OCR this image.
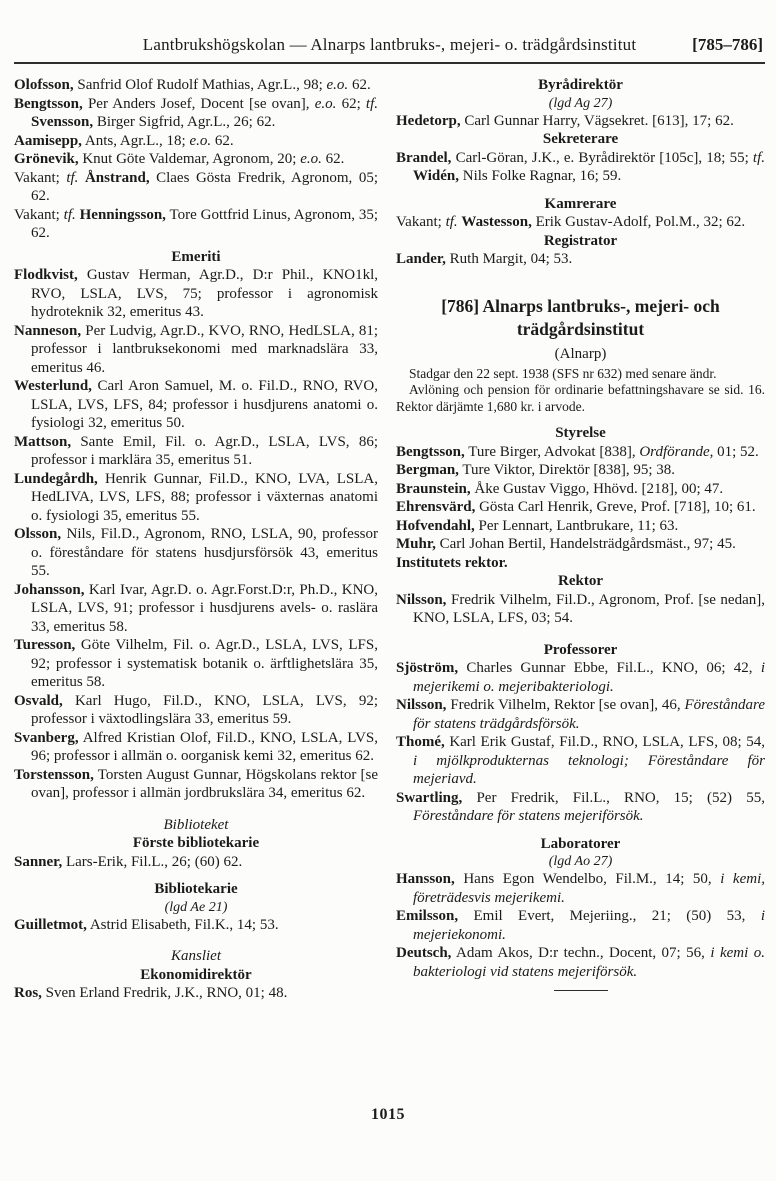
Lantbrukshögskolan — Alnarps lantbruks-, mejeri- o. trädgårdsinstitut	[785–786]

Olofsson, Sanfrid Olof Rudolf Mathias, Agr.L., 98; e.o. 62.

Bengtsson, Per Anders Josef, Docent [se ovan], e.o. 62; tf. Svensson, Birger Sigfrid, Agr.L., 26; 62.

Aamisepp, Ants, Agr.L., 18; e.o. 62.

Grönevik, Knut Göte Valdemar, Agronom, 20; e.o. 62.

Vakant; tf. Ånstrand, Claes Gösta Fredrik, Agronom, 05; 62.

Vakant; tf. Henningsson, Tore Gottfrid Linus, Agronom, 35; 62.

Emeriti

Flodkvist, Gustav Herman, Agr.D., D:r Phil., KNO1kl, RVO, LSLA, LVS, 75; professor i agronomisk hydroteknik 32, emeritus 43.

Nanneson, Per Ludvig, Agr.D., KVO, RNO, HedLSLA, 81; professor i lantbruksekonomi med marknadslära 33, emeritus 46.

Westerlund, Carl Aron Samuel, M. o. Fil.D., RNO, RVO, LSLA, LVS, LFS, 84; professor i husdjurens anatomi o. fysiologi 32, emeritus 50.

Mattson, Sante Emil, Fil. o. Agr.D., LSLA, LVS, 86; professor i marklära 35, emeritus 51.

Lundegårdh, Henrik Gunnar, Fil.D., KNO, LVA, LSLA, HedLIVA, LVS, LFS, 88; professor i växternas anatomi o. fysiologi 35, emeritus 55.

Olsson, Nils, Fil.D., Agronom, RNO, LSLA, 90, professor o. föreståndare för statens husdjursförsök 43, emeritus 55.

Johansson, Karl Ivar, Agr.D. o. Agr.Forst.D:r, Ph.D., KNO, LSLA, LVS, 91; professor i husdjurens avels- o. raslära 33, emeritus 58.

Turesson, Göte Vilhelm, Fil. o. Agr.D., LSLA, LVS, LFS, 92; professor i systematisk botanik o. ärftlighetslära 35, emeritus 58.

Osvald, Karl Hugo, Fil.D., KNO, LSLA, LVS, 92; professor i växtodlingslära 33, emeritus 59.

Svanberg, Alfred Kristian Olof, Fil.D., KNO, LSLA, LVS, 96; professor i allmän o. oorganisk kemi 32, emeritus 62.

Torstensson, Torsten August Gunnar, Högskolans rektor [se ovan], professor i allmän jordbrukslära 34, emeritus 62.

Biblioteket
Förste bibliotekarie

Sanner, Lars-Erik, Fil.L., 26; (60) 62.

Bibliotekarie
(lgd Ae 21)

Guilletmot, Astrid Elisabeth, Fil.K., 14; 53.

Kansliet
Ekonomidirektör

Ros, Sven Erland Fredrik, J.K., RNO, 01; 48.

Byrådirektör
(lgd Ag 27)

Hedetorp, Carl Gunnar Harry, Vägsekret. [613], 17; 62.

Sekreterare

Brandel, Carl-Göran, J.K., e. Byrådirektör [105c], 18; 55; tf. Widén, Nils Folke Ragnar, 16; 59.

Kamrerare

Vakant; tf. Wastesson, Erik Gustav-Adolf, Pol.M., 32; 62.

Registrator

Lander, Ruth Margit, 04; 53.

[786] Alnarps lantbruks-, mejeri- och
trädgårdsinstitut
(Alnarp)
Stadgar den 22 sept. 1938 (SFS nr 632) med senare ändr.
Avlöning och pension för ordinarie befattningshavare se sid. 16. Rektor därjämte 1,680 kr. i arvode.
Styrelse

Bengtsson, Ture Birger, Advokat [838], Ordförande, 01; 52.

Bergman, Ture Viktor, Direktör [838], 95; 38.

Braunstein, Åke Gustav Viggo, Hhövd. [218], 00; 47.

Ehrensvärd, Gösta Carl Henrik, Greve, Prof. [718], 10; 61.

Hofvendahl, Per Lennart, Lantbrukare, 11; 63.

Muhr, Carl Johan Bertil, Handelsträdgårdsmäst., 97; 45.

Institutets rektor.

Rektor

Nilsson, Fredrik Vilhelm, Fil.D., Agronom, Prof. [se nedan], KNO, LSLA, LFS, 03; 54.

Professorer

Sjöström, Charles Gunnar Ebbe, Fil.L., KNO, 06; 42, i mejerikemi o. mejeribakteriologi.

Nilsson, Fredrik Vilhelm, Rektor [se ovan], 46, Föreståndare för statens trädgårdsförsök.

Thomé, Karl Erik Gustaf, Fil.D., RNO, LSLA, LFS, 08; 54, i mjölkprodukternas teknologi; Föreståndare för mejeriavd.

Swartling, Per Fredrik, Fil.L., RNO, 15; (52) 55, Föreståndare för statens mejeriförsök.

Laboratorer
(lgd Ao 27)

Hansson, Hans Egon Wendelbo, Fil.M., 14; 50, i kemi, företrädesvis mejerikemi.

Emilsson, Emil Evert, Mejeriing., 21; (50) 53, i mejeriekonomi.

Deutsch, Adam Akos, D:r techn., Docent, 07; 56, i kemi o. bakteriologi vid statens mejeriförsök.

1015
